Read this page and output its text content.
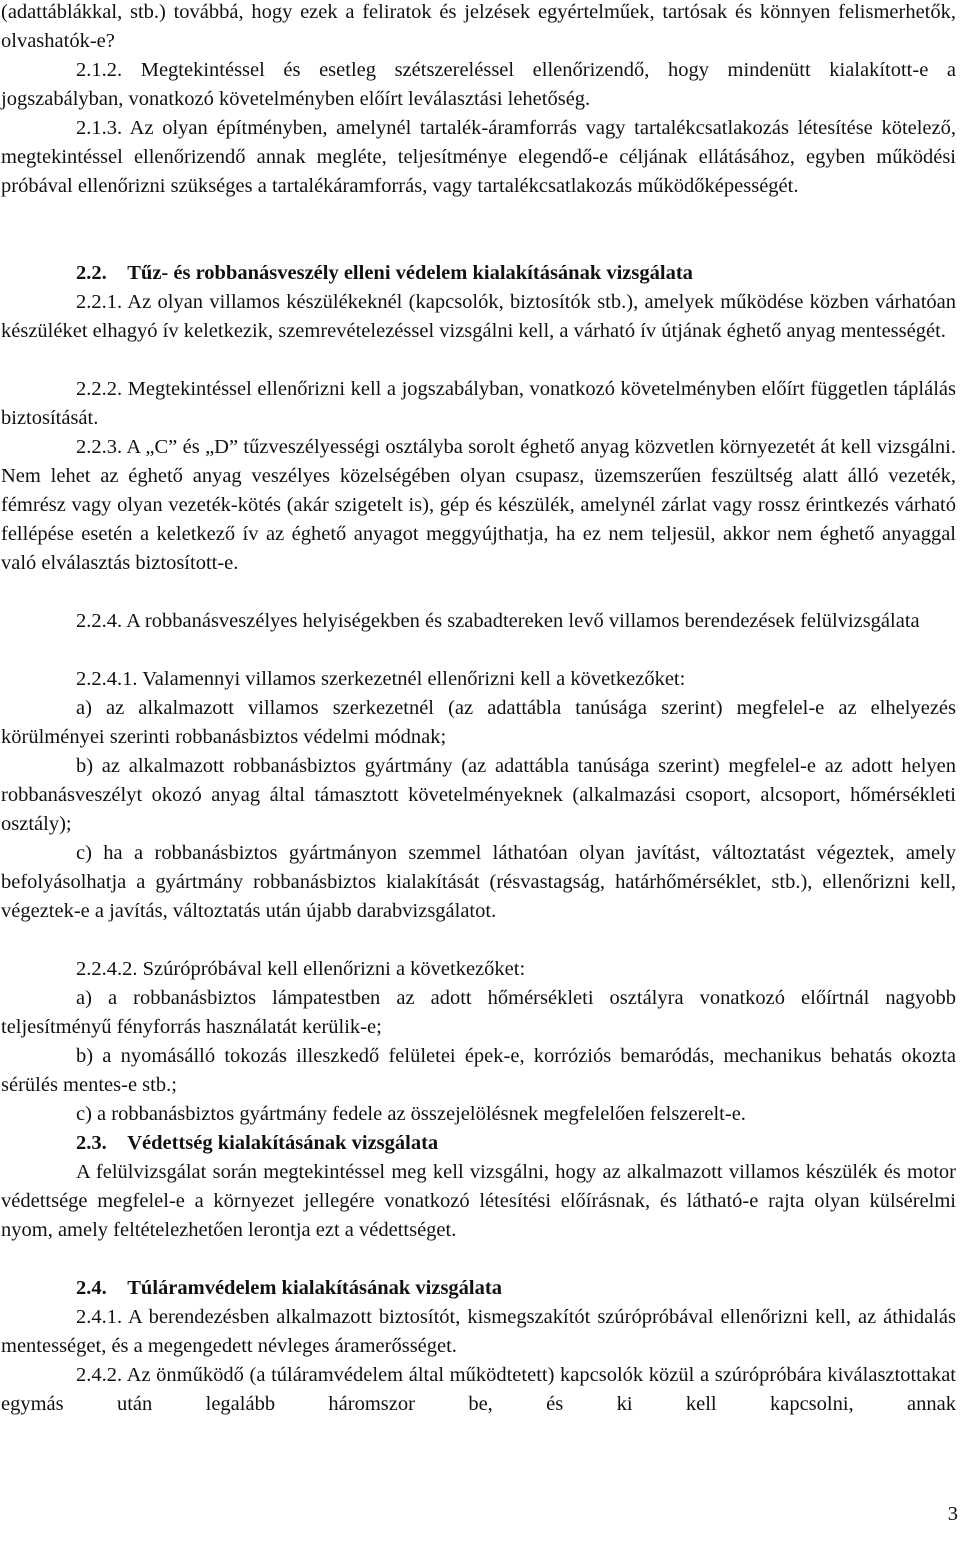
(adattáblákkal, stb.) továbbá, hogy ezek a feliratok és jelzések egyértelműek, tartósak és könnyen felismerhetők, olvashatók-e?

2.1.2. Megtekintéssel és esetleg szétszereléssel ellenőrizendő, hogy mindenütt kialakított-e a jogszabályban, vonatkozó követelményben előírt leválasztási lehetőség.

2.1.3. Az olyan építményben, amelynél tartalék-áramforrás vagy tartalékcsatlakozás létesítése kötelező, megtekintéssel ellenőrizendő annak megléte, teljesítménye elegendő-e céljának ellátásához, egyben működési próbával ellenőrizni szükséges a tartalékáramforrás, vagy tartalékcsatlakozás működőképességét.

2.2. Tűz- és robbanásveszély elleni védelem kialakításának vizsgálata

2.2.1. Az olyan villamos készülékeknél (kapcsolók, biztosítók stb.), amelyek működése közben várhatóan készüléket elhagyó ív keletkezik, szemrevételezéssel vizsgálni kell, a várható ív útjának éghető anyag mentességét.

2.2.2. Megtekintéssel ellenőrizni kell a jogszabályban, vonatkozó követelményben előírt független táplálás biztosítását.

2.2.3. A „C” és „D” tűzveszélyességi osztályba sorolt éghető anyag közvetlen környezetét át kell vizsgálni. Nem lehet az éghető anyag veszélyes közelségében olyan csupasz, üzemszerűen feszültség alatt álló vezeték, fémrész vagy olyan vezeték-kötés (akár szigetelt is), gép és készülék, amelynél zárlat vagy rossz érintkezés várható fellépése esetén a keletkező ív az éghető anyagot meggyújthatja, ha ez nem teljesül, akkor nem éghető anyaggal való elválasztás biztosított-e.

2.2.4. A robbanásveszélyes helyiségekben és szabadtereken levő villamos berendezések felülvizsgálata

2.2.4.1. Valamennyi villamos szerkezetnél ellenőrizni kell a következőket:

a) az alkalmazott villamos szerkezetnél (az adattábla tanúsága szerint) megfelel-e az elhelyezés körülményei szerinti robbanásbiztos védelmi módnak;

b) az alkalmazott robbanásbiztos gyártmány (az adattábla tanúsága szerint) megfelel-e az adott helyen robbanásveszélyt okozó anyag által támasztott követelményeknek (alkalmazási csoport, alcsoport, hőmérsékleti osztály);

c) ha a robbanásbiztos gyártmányon szemmel láthatóan olyan javítást, változtatást végeztek, amely befolyásolhatja a gyártmány robbanásbiztos kialakítását (résvastagság, határhőmérséklet, stb.), ellenőrizni kell, végeztek-e a javítás, változtatás után újabb darabvizsgálatot.

2.2.4.2. Szúrópróbával kell ellenőrizni a következőket:

a) a robbanásbiztos lámpatestben az adott hőmérsékleti osztályra vonatkozó előírtnál nagyobb teljesítményű fényforrás használatát kerülik-e;

b) a nyomásálló tokozás illeszkedő felületei épek-e, korróziós bemaródás, mechanikus behatás okozta sérülés mentes-e stb.;

c) a robbanásbiztos gyártmány fedele az összejelölésnek megfelelően felszerelt-e.

2.3. Védettség kialakításának vizsgálata

A felülvizsgálat során megtekintéssel meg kell vizsgálni, hogy az alkalmazott villamos készülék és motor védettsége megfelel-e a környezet jellegére vonatkozó létesítési előírásnak, és látható-e rajta olyan külsérelmi nyom, amely feltételezhetően lerontja ezt a védettséget.

2.4. Túláramvédelem kialakításának vizsgálata

2.4.1. A berendezésben alkalmazott biztosítót, kismegszakítót szúrópróbával ellenőrizni kell, az áthidalás mentességet, és a megengedett névleges áramerősséget.

2.4.2. Az önműködő (a túláramvédelem által működtetett) kapcsolók közül a szúrópróbára kiválasztottakat egymás után legalább háromszor be, és ki kell kapcsolni, annak

3
